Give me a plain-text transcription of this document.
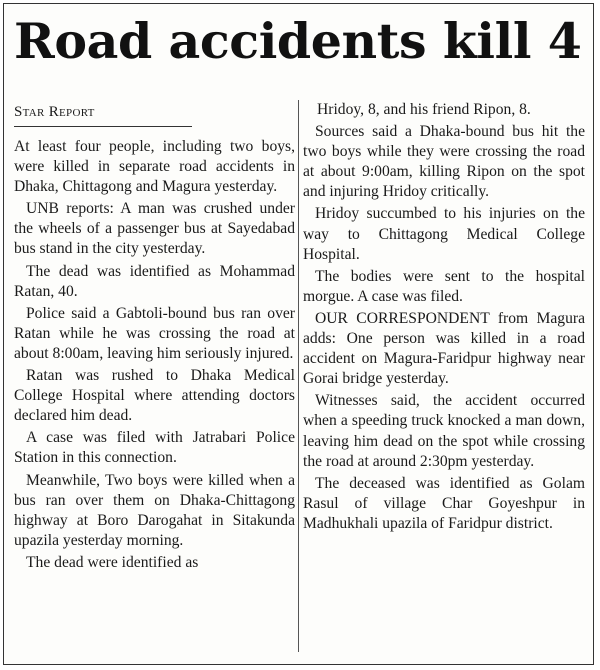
Road accidents kill 4
Star Report

At least four people, including two boys, were killed in separate road accidents in Dhaka, Chittagong and Magura yesterday.

UNB reports: A man was crushed under the wheels of a passenger bus at Sayedabad bus stand in the city yesterday.

The dead was identified as Mohammad Ratan, 40.

Police said a Gabtoli-bound bus ran over Ratan while he was crossing the road at about 8:00am, leaving him seriously injured.

Ratan was rushed to Dhaka Medical College Hospital where attending doctors declared him dead.

A case was filed with Jatrabari Police Station in this connection.

Meanwhile, Two boys were killed when a bus ran over them on Dhaka-Chittagong highway at Boro Darogahat in Sitakunda upazila yesterday morning.

The dead were identified as

Hridoy, 8, and his friend Ripon, 8.

Sources said a Dhaka-bound bus hit the two boys while they were crossing the road at about 9:00am, killing Ripon on the spot and injuring Hridoy critically.

Hridoy succumbed to his injuries on the way to Chittagong Medical College Hospital.

The bodies were sent to the hospital morgue. A case was filed.

OUR CORRESPONDENT from Magura adds: One person was killed in a road accident on Magura-Faridpur highway near Gorai bridge yesterday.

Witnesses said, the accident occurred when a speeding truck knocked a man down, leaving him dead on the spot while crossing the road at around 2:30pm yesterday.

The deceased was identified as Golam Rasul of village Char Goyeshpur in Madhukhali upazila of Faridpur district.
